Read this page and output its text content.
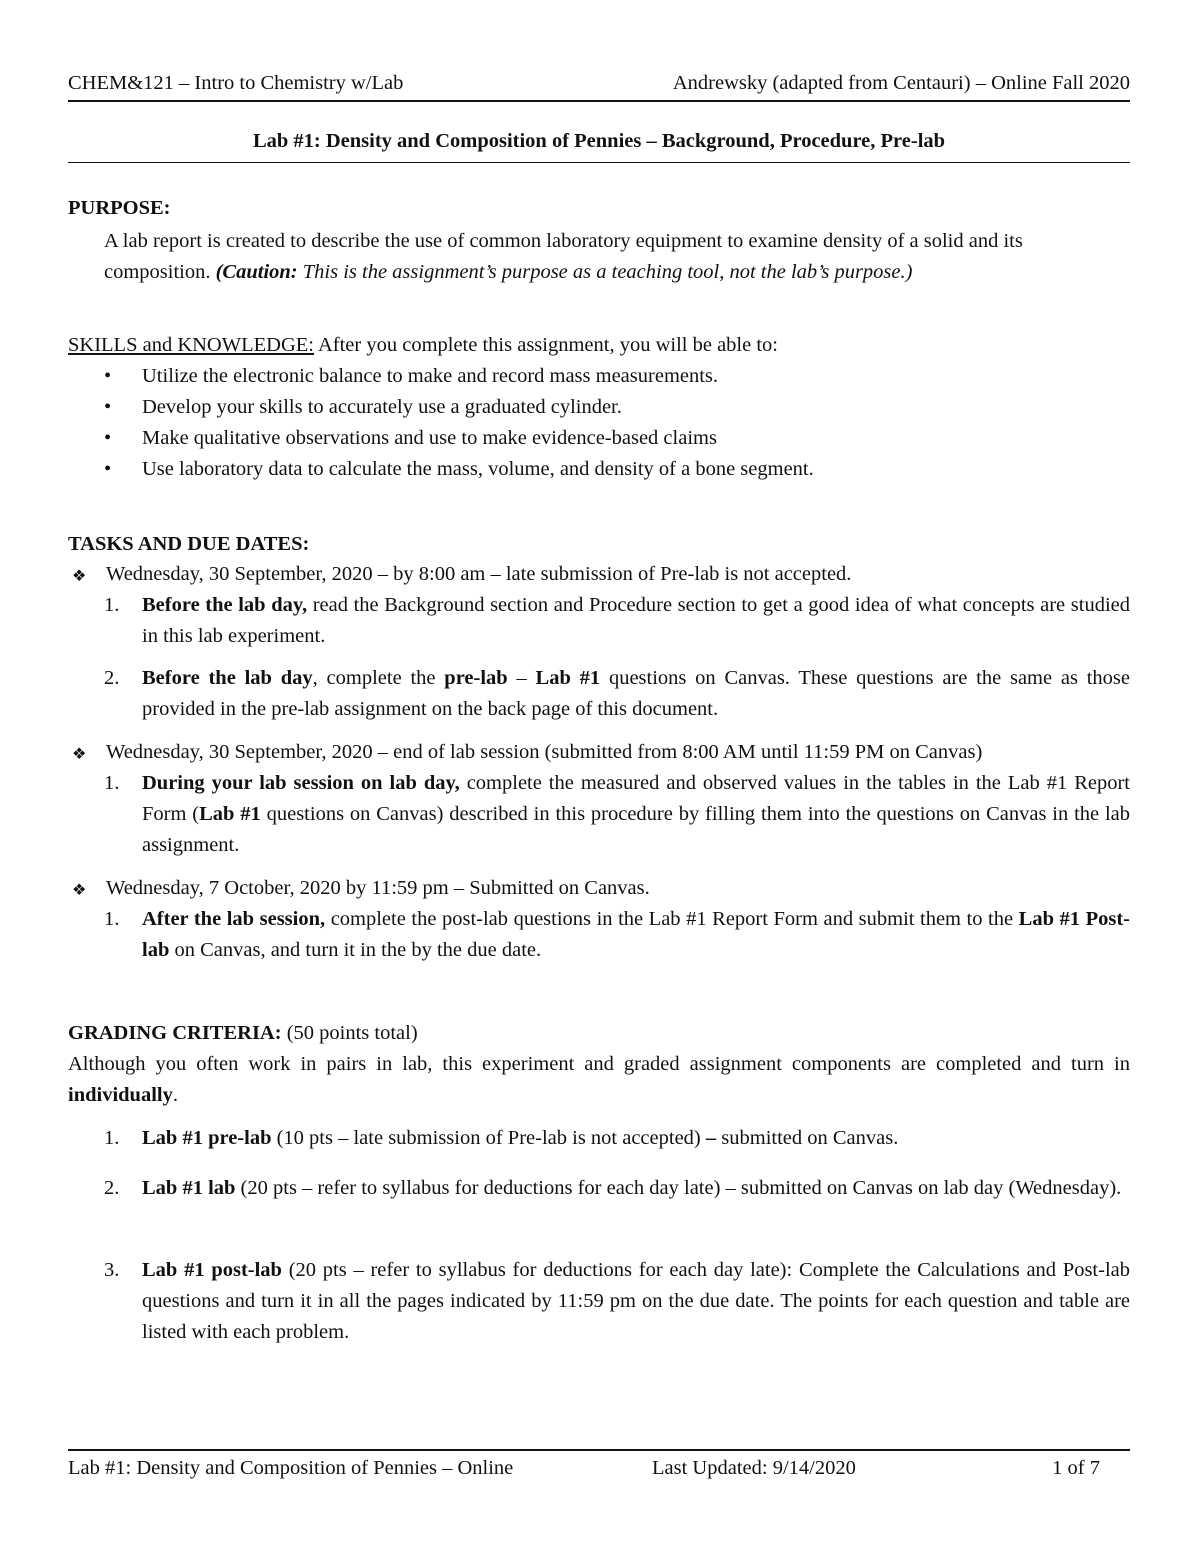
CHEM&121 – Intro to Chemistry w/Lab	Andrewsky (adapted from Centauri) – Online Fall 2020
Lab #1: Density and Composition of Pennies – Background, Procedure, Pre-lab
PURPOSE:
A lab report is created to describe the use of common laboratory equipment to examine density of a solid and its composition. (Caution: This is the assignment’s purpose as a teaching tool, not the lab’s purpose.)
SKILLS and KNOWLEDGE: After you complete this assignment, you will be able to:
• Utilize the electronic balance to make and record mass measurements.
• Develop your skills to accurately use a graduated cylinder.
• Make qualitative observations and use to make evidence-based claims
• Use laboratory data to calculate the mass, volume, and density of a bone segment.
TASKS AND DUE DATES:
❖ Wednesday, 30 September, 2020 – by 8:00 am – late submission of Pre-lab is not accepted.
1. Before the lab day, read the Background section and Procedure section to get a good idea of what concepts are studied in this lab experiment.
2. Before the lab day, complete the pre-lab – Lab #1 questions on Canvas. These questions are the same as those provided in the pre-lab assignment on the back page of this document.
❖ Wednesday, 30 September, 2020 – end of lab session (submitted from 8:00 AM until 11:59 PM on Canvas)
1. During your lab session on lab day, complete the measured and observed values in the tables in the Lab #1 Report Form (Lab #1 questions on Canvas) described in this procedure by filling them into the questions on Canvas in the lab assignment.
❖ Wednesday, 7 October, 2020 by 11:59 pm – Submitted on Canvas.
1. After the lab session, complete the post-lab questions in the Lab #1 Report Form and submit them to the Lab #1 Post-lab on Canvas, and turn it in the by the due date.
GRADING CRITERIA: (50 points total)
Although you often work in pairs in lab, this experiment and graded assignment components are completed and turn in individually.
1. Lab #1 pre-lab (10 pts – late submission of Pre-lab is not accepted) – submitted on Canvas.
2. Lab #1 lab (20 pts – refer to syllabus for deductions for each day late) – submitted on Canvas on lab day (Wednesday).
3. Lab #1 post-lab (20 pts – refer to syllabus for deductions for each day late): Complete the Calculations and Post-lab questions and turn it in all the pages indicated by 11:59 pm on the due date. The points for each question and table are listed with each problem.
Lab #1: Density and Composition of Pennies – Online	Last Updated: 9/14/2020	1 of 7
